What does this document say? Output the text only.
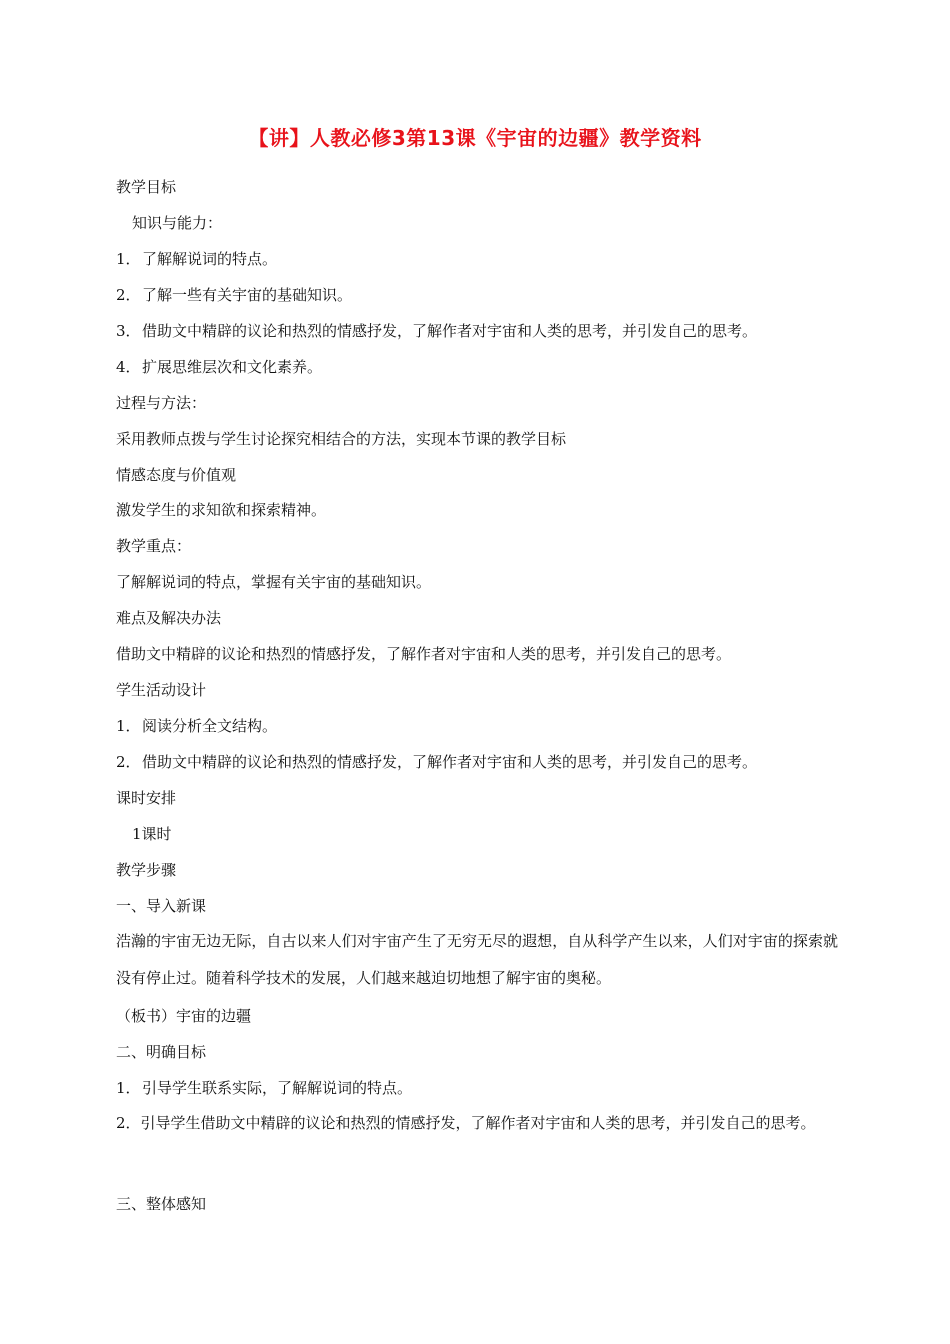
【讲】人教必修3第13课《宇宙的边疆》教学资料
教学目标
知识与能力：
1．了解解说词的特点。
2．了解一些有关宇宙的基础知识。
3．借助文中精辟的议论和热烈的情感抒发，了解作者对宇宙和人类的思考，并引发自己的思考。
4．扩展思维层次和文化素养。
过程与方法：
采用教师点拨与学生讨论探究相结合的方法，实现本节课的教学目标
情感态度与价值观
激发学生的求知欲和探索精神。
教学重点：
了解解说词的特点，掌握有关宇宙的基础知识。
难点及解决办法
借助文中精辟的议论和热烈的情感抒发，了解作者对宇宙和人类的思考，并引发自己的思考。
学生活动设计
1．阅读分析全文结构。
2．借助文中精辟的议论和热烈的情感抒发，了解作者对宇宙和人类的思考，并引发自己的思考。
课时安排
1课时
教学步骤
一、导入新课
浩瀚的宇宙无边无际，自古以来人们对宇宙产生了无穷无尽的遐想，自从科学产生以来，人们对宇宙的探索就没有停止过。随着科学技术的发展，人们越来越迫切地想了解宇宙的奥秘。
（板书）宇宙的边疆
二、明确目标
1．引导学生联系实际，了解解说词的特点。
2．引导学生借助文中精辟的议论和热烈的情感抒发，了解作者对宇宙和人类的思考，并引发自己的思考。
三、整体感知
